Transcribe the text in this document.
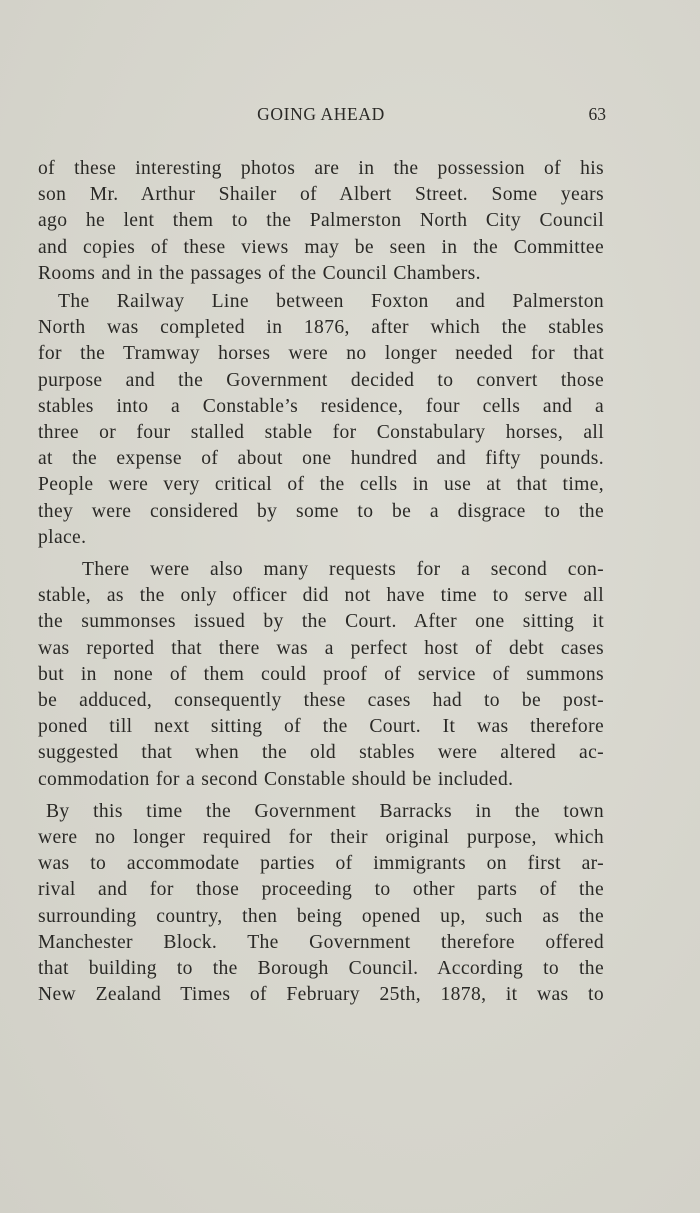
GOING AHEAD	63

of these interesting photos are in the possession of his
son Mr. Arthur Shailer of Albert Street. Some years
ago he lent them to the Palmerston North City Council
and copies of these views may be seen in the Committee
Rooms and in the passages of the Council Chambers.

The Railway Line between Foxton and Palmerston
North was completed in 1876, after which the stables
for the Tramway horses were no longer needed for that
purpose and the Government decided to convert those
stables into a Constable’s residence, four cells and a
three or four stalled stable for Constabulary horses, all
at the expense of about one hundred and fifty pounds.
People were very critical of the cells in use at that time,
they were considered by some to be a disgrace to the
place.

There were also many requests for a second con-
stable, as the only officer did not have time to serve all
the summonses issued by the Court. After one sitting it
was reported that there was a perfect host of debt cases
but in none of them could proof of service of summons
be adduced, consequently these cases had to be post-
poned till next sitting of the Court. It was therefore
suggested that when the old stables were altered ac-
commodation for a second Constable should be included.

By this time the Government Barracks in the town
were no longer required for their original purpose, which
was to accommodate parties of immigrants on first ar-
rival and for those proceeding to other parts of the
surrounding country, then being opened up, such as the
Manchester Block. The Government therefore offered
that building to the Borough Council. According to the
New Zealand Times of February 25th, 1878, it was to
